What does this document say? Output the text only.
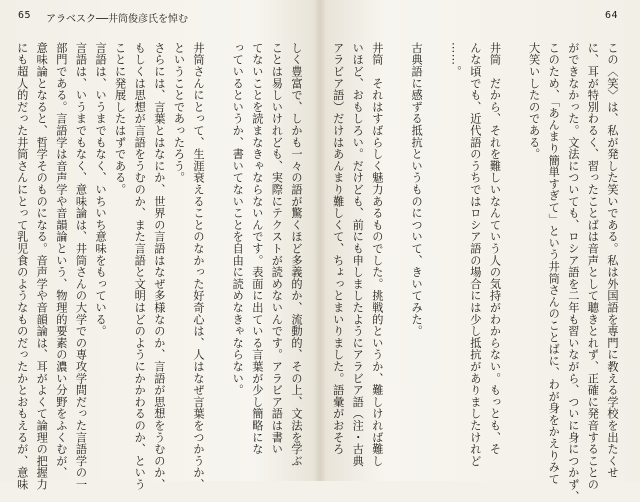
65 アラベスク──井筒俊彦氏を悼む
しく豊富で、しかも一々の語が驚くほど多義的か、流動的、その上、文法を学ぶ
ことは易しいけれども、実際にテクストが読めないんです。アラビア語は書い
てないことを読まなきゃならないんです。表面に出ている言葉が少し簡略にな
っているというか、書いてないことを自由に読めなきゃならない。
井筒さんにとって、生涯衰えることのなかった好奇心は、人はなぜ言葉をつかうか、
ということであったろう。
さらには、言葉とはなにか、世界の言語はなぜ多様なのか、言語が思想をうむのか、
もしくは思想が言語をうむのか、また言語と文明はどのようにかかわるのか、という
ことに発展したはずである。
言語は、いうまでもなく、いちいち意味をもっている。
言語は、いうまでもなく、意味論は、井筒さんの大学での専攻学問だった言語学の一
部門である。言語学は音声学や音韻論という、物理的要素の濃い分野をふくむが、
意味論となると、哲学そのものになる。音声学や音韻論は、耳がよくて論理の把握力
にも超人的だった井筒さんにとって乳児食のようなものだったかとおもえるが、意味
64
この〈笑〉は、私が発した笑いである。私は外国語を専門に教える学校を出たくせ
に、耳が特別わるく、習ったことばは音声として聴きとれず、正確に発音することの
ができなかった。文法についても、ロシア語を二年も習いながら、ついに身につかず、
このため、「あんまり簡単すぎて」という井筒さんのことばに、わが身をかえりみて
大笑いしたのである。
井筒　だから、それを難しいなんていう人の気持がわからない。もっとも、そ
んな頃でも、近代語のうちではロシア語の場合には少し抵抗がありましたけれど
……。
古典語に感ずる抵抗というものについて、きいてみた。
井筒　それはすばらしく魅力あるものでした。挑戦的というか、難しければ難し
いほど、おもしろい。だけども、前にも申しましたようにアラビア語（注・古典
アラビア語）だけはあんまり難しくて、ちょっとまいりました。語彙がおそろ
